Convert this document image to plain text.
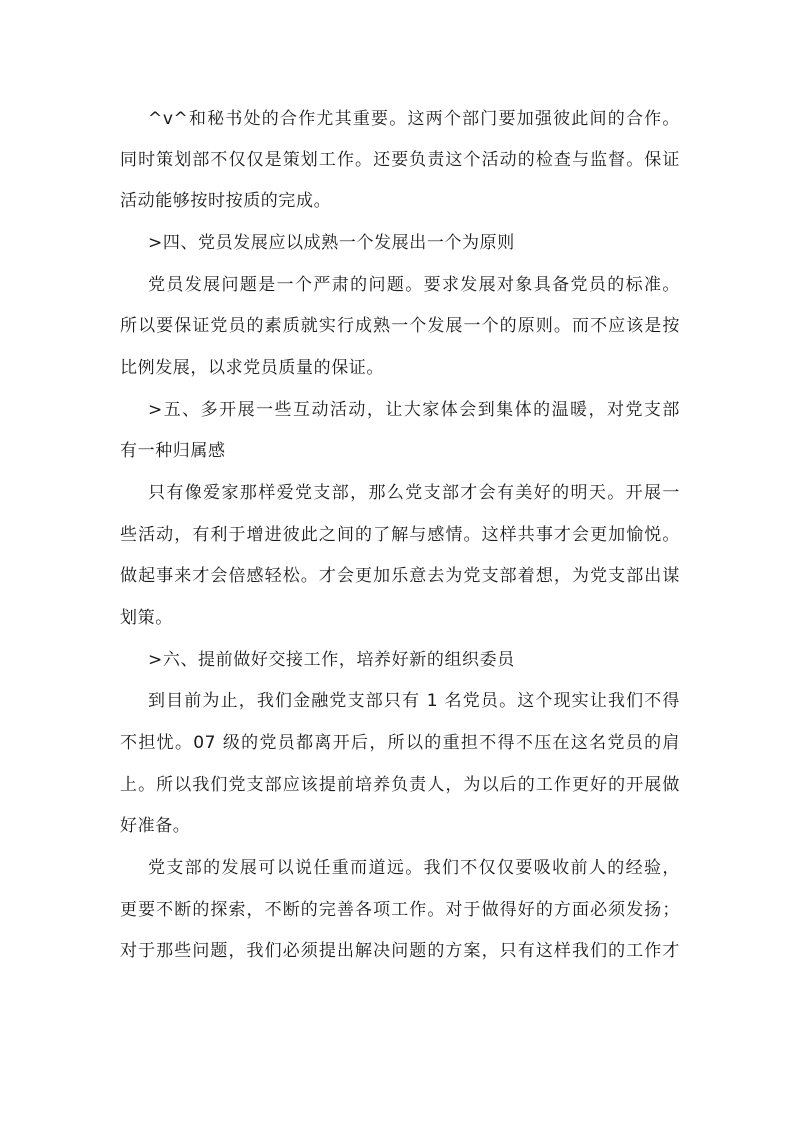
^v^和秘书处的合作尤其重要。这两个部门要加强彼此间的合作。
同时策划部不仅仅是策划工作。还要负责这个活动的检查与监督。保证
活动能够按时按质的完成。
>四、党员发展应以成熟一个发展出一个为原则
党员发展问题是一个严肃的问题。要求发展对象具备党员的标准。
所以要保证党员的素质就实行成熟一个发展一个的原则。而不应该是按
比例发展，以求党员质量的保证。
>五、多开展一些互动活动，让大家体会到集体的温暖，对党支部
有一种归属感
只有像爱家那样爱党支部，那么党支部才会有美好的明天。开展一
些活动，有利于增进彼此之间的了解与感情。这样共事才会更加愉悦。
做起事来才会倍感轻松。才会更加乐意去为党支部着想，为党支部出谋
划策。
>六、提前做好交接工作，培养好新的组织委员
到目前为止，我们金融党支部只有 1 名党员。这个现实让我们不得
不担忧。07 级的党员都离开后，所以的重担不得不压在这名党员的肩
上。所以我们党支部应该提前培养负责人，为以后的工作更好的开展做
好准备。
党支部的发展可以说任重而道远。我们不仅仅要吸收前人的经验，
更要不断的探索，不断的完善各项工作。对于做得好的方面必须发扬；
对于那些问题，我们必须提出解决问题的方案，只有这样我们的工作才
